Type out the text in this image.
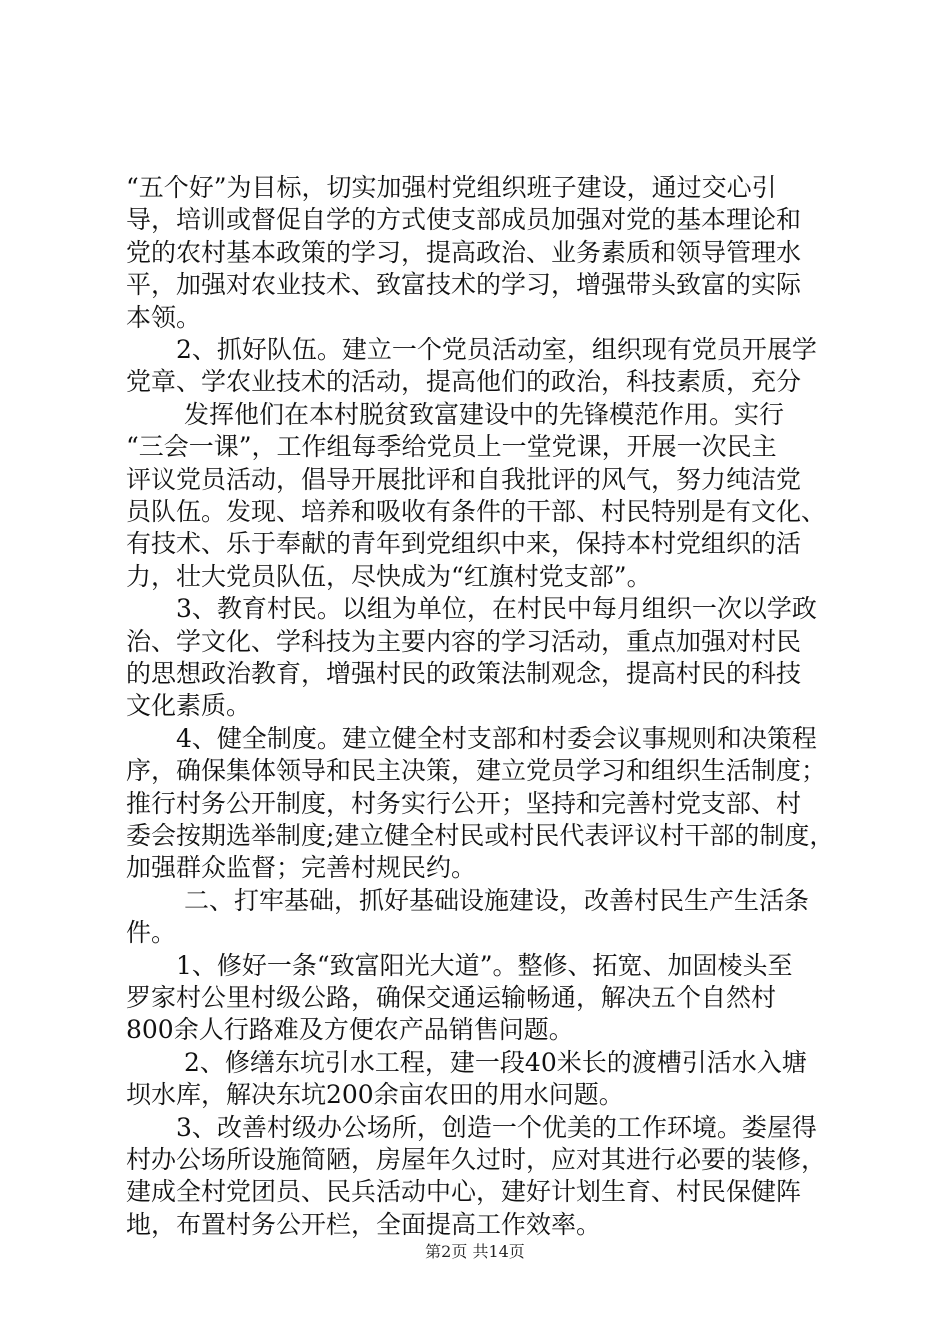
第2页 共14页
“五个好”为目标，切实加强村党组织班子建设，通过交心引
导，培训或督促自学的方式使支部成员加强对党的基本理论和
党的农村基本政策的学习，提高政治、业务素质和领导管理水
平，加强对农业技术、致富技术的学习，增强带头致富的实际
本领。
2、抓好队伍。建立一个党员活动室，组织现有党员开展学
党章、学农业技术的活动，提高他们的政治，科技素质，充分
发挥他们在本村脱贫致富建设中的先锋模范作用。实行
“三会一课”，工作组每季给党员上一堂党课，开展一次民主
评议党员活动，倡导开展批评和自我批评的风气，努力纯洁党
员队伍。发现、培养和吸收有条件的干部、村民特别是有文化、
有技术、乐于奉献的青年到党组织中来，保持本村党组织的活
力，壮大党员队伍，尽快成为“红旗村党支部”。
3、教育村民。以组为单位，在村民中每月组织一次以学政
治、学文化、学科技为主要内容的学习活动，重点加强对村民
的思想政治教育，增强村民的政策法制观念，提高村民的科技
文化素质。
4、健全制度。建立健全村支部和村委会议事规则和决策程
序，确保集体领导和民主决策，建立党员学习和组织生活制度；
推行村务公开制度，村务实行公开；坚持和完善村党支部、村
委会按期选举制度;建立健全村民或村民代表评议村干部的制度，
加强群众监督；完善村规民约。
二、打牢基础，抓好基础设施建设，改善村民生产生活条
件。
1、修好一条“致富阳光大道”。整修、拓宽、加固棱头至
罗家村公里村级公路，确保交通运输畅通，解决五个自然村
800余人行路难及方便农产品销售问题。
2、修缮东坑引水工程，建一段40米长的渡槽引活水入塘
坝水库，解决东坑200余亩农田的用水问题。
3、改善村级办公场所，创造一个优美的工作环境。娄屋得
村办公场所设施简陋，房屋年久过时，应对其进行必要的装修，
建成全村党团员、民兵活动中心，建好计划生育、村民保健阵
地，布置村务公开栏，全面提高工作效率。
